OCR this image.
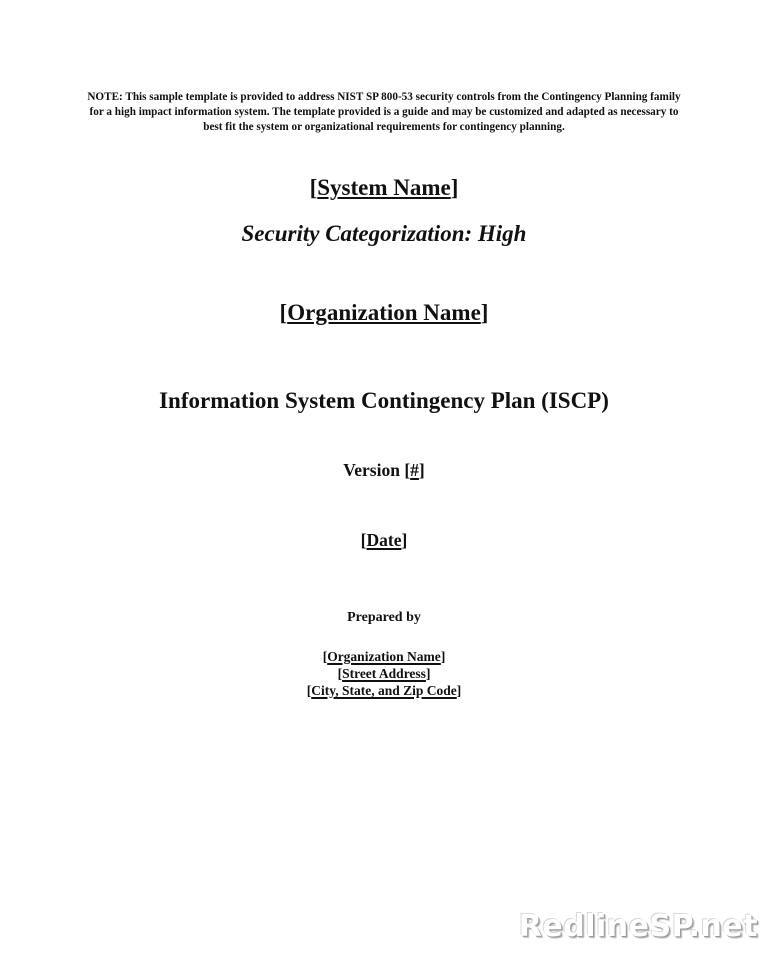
NOTE: This sample template is provided to address NIST SP 800-53 security controls from the Contingency Planning family for a high impact information system. The template provided is a guide and may be customized and adapted as necessary to best fit the system or organizational requirements for contingency planning.
[System Name]
Security Categorization: High
[Organization Name]
Information System Contingency Plan (ISCP)
Version [#]
[Date]
Prepared by
[Organization Name]
[Street Address]
[City, State, and Zip Code]
RedlineSP.net
